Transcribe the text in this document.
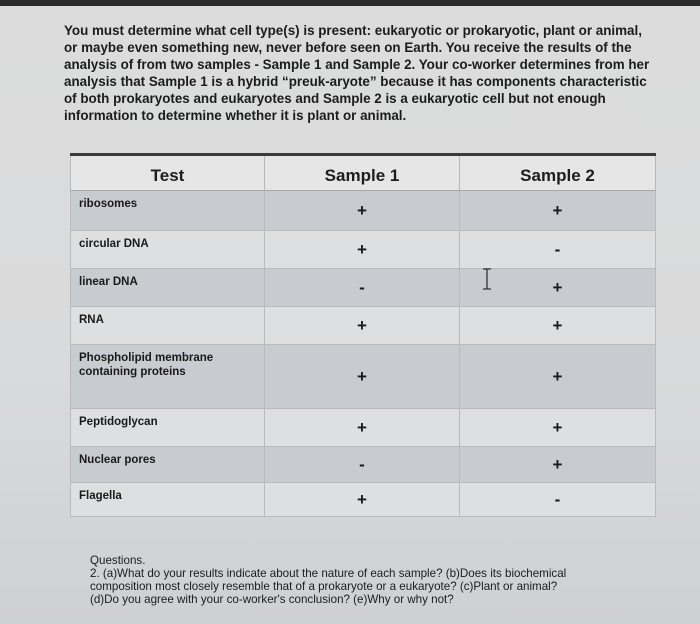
You must determine what cell type(s) is present: eukaryotic or prokaryotic, plant or animal, or maybe even something new, never before seen on Earth. You receive the results of the analysis of from two samples - Sample 1 and Sample 2. Your co-worker determines from her analysis that Sample 1 is a hybrid “preuk-aryote” because it has components characteristic of both prokaryotes and eukaryotes and Sample 2 is a eukaryotic cell but not enough information to determine whether it is plant or animal.

Test	Sample 1	Sample 2
ribosomes	+	+
circular DNA	+	-
linear DNA	-	+
RNA	+	+
Phospholipid membrane containing proteins	+	+
Peptidoglycan	+	+
Nuclear pores	-	+
Flagella	+	-

Questions.
2. (a)What do your results indicate about the nature of each sample? (b)Does its biochemical
composition most closely resemble that of a prokaryote or a eukaryote? (c)Plant or animal?
(d)Do you agree with your co-worker's conclusion? (e)Why or why not?
